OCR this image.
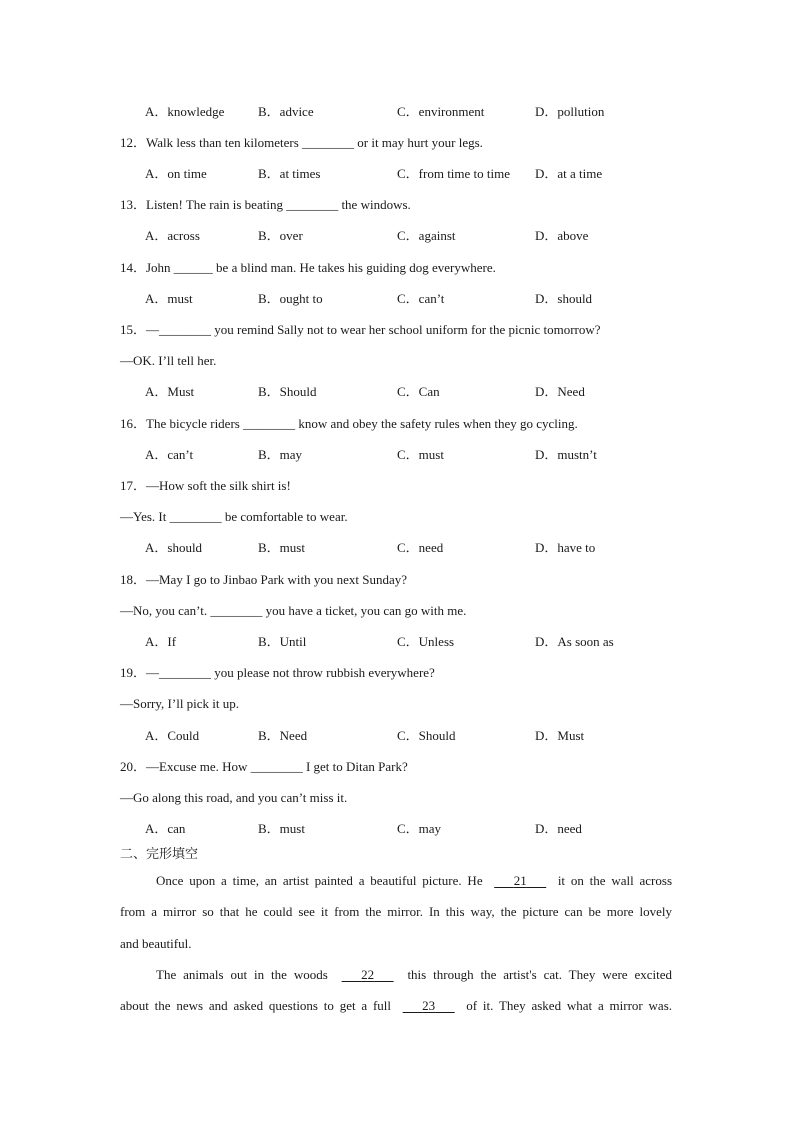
A．knowledge	B．advice	C．environment	D．pollution
12．Walk less than ten kilometers ________ or it may hurt your legs.
A．on time	B．at times	C．from time to time D．at a time
13．Listen! The rain is beating ________ the windows.
A．across	B．over	C．against	D．above
14．John ______ be a blind man. He takes his guiding dog everywhere.
A．must	B．ought to	C．can’t	D．should
15．—________ you remind Sally not to wear her school uniform for the picnic tomorrow?
—OK. I’ll tell her.
A．Must	B．Should	C．Can	D．Need
16．The bicycle riders ________ know and obey the safety rules when they go cycling.
A．can’t	B．may	C．must	D．mustn’t
17．—How soft the silk shirt is!
—Yes. It ________ be comfortable to wear.
A．should	B．must	C．need	D．have to
18．—May I go to Jinbao Park with you next Sunday?
—No, you can’t. ________ you have a ticket, you can go with me.
A．If	B．Until	C．Unless	D．As soon as
19．—________ you please not throw rubbish everywhere?
—Sorry, I’ll pick it up.
A．Could	B．Need	C．Should	D．Must
20．—Excuse me. How ________ I get to Ditan Park?
—Go along this road, and you can’t miss it.
A．can	B．must	C．may	D．need
二、完形填空
Once upon a time, an artist painted a beautiful picture. He 21 it on the wall across
from a mirror so that he could see it from the mirror. In this way, the picture can be more lovely
and beautiful.
The animals out in the woods	22	this through the artist's cat. They were excited
about the news and asked questions to get a full 23 of it. They asked what a mirror was.
